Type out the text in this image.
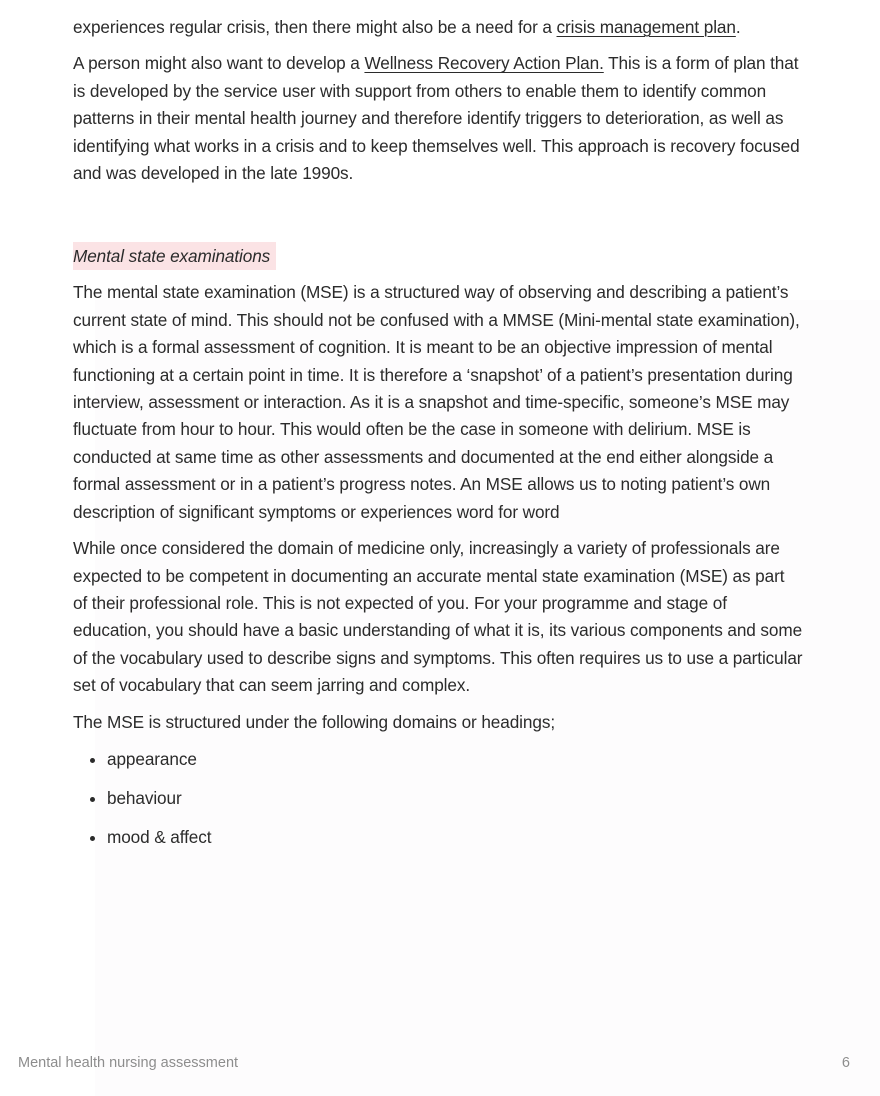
experiences regular crisis, then there might also be a need for a crisis management plan.

A person might also want to develop a Wellness Recovery Action Plan. This is a form of plan that is developed by the service user with support from others to enable them to identify common patterns in their mental health journey and therefore identify triggers to deterioration, as well as identifying what works in a crisis and to keep themselves well. This approach is recovery focused and was developed in the late 1990s.

Mental state examinations

The mental state examination (MSE) is a structured way of observing and describing a patient’s current state of mind. This should not be confused with a MMSE (Mini-mental state examination), which is a formal assessment of cognition. It is meant to be an objective impression of mental functioning at a certain point in time. It is therefore a ‘snapshot’ of a patient’s presentation during interview, assessment or interaction. As it is a snapshot and time-specific, someone’s MSE may fluctuate from hour to hour. This would often be the case in someone with delirium. MSE is conducted at same time as other assessments and documented at the end either alongside a formal assessment or in a patient’s progress notes. An MSE allows us to noting patient’s own description of significant symptoms or experiences word for word

While once considered the domain of medicine only, increasingly a variety of professionals are expected to be competent in documenting an accurate mental state examination (MSE) as part of their professional role. This is not expected of you. For your programme and stage of education, you should have a basic understanding of what it is, its various components and some of the vocabulary used to describe signs and symptoms. This often requires us to use a particular set of vocabulary that can seem jarring and complex.

The MSE is structured under the following domains or headings;

• appearance
• behaviour
• mood & affect
Mental health nursing assessment	6
